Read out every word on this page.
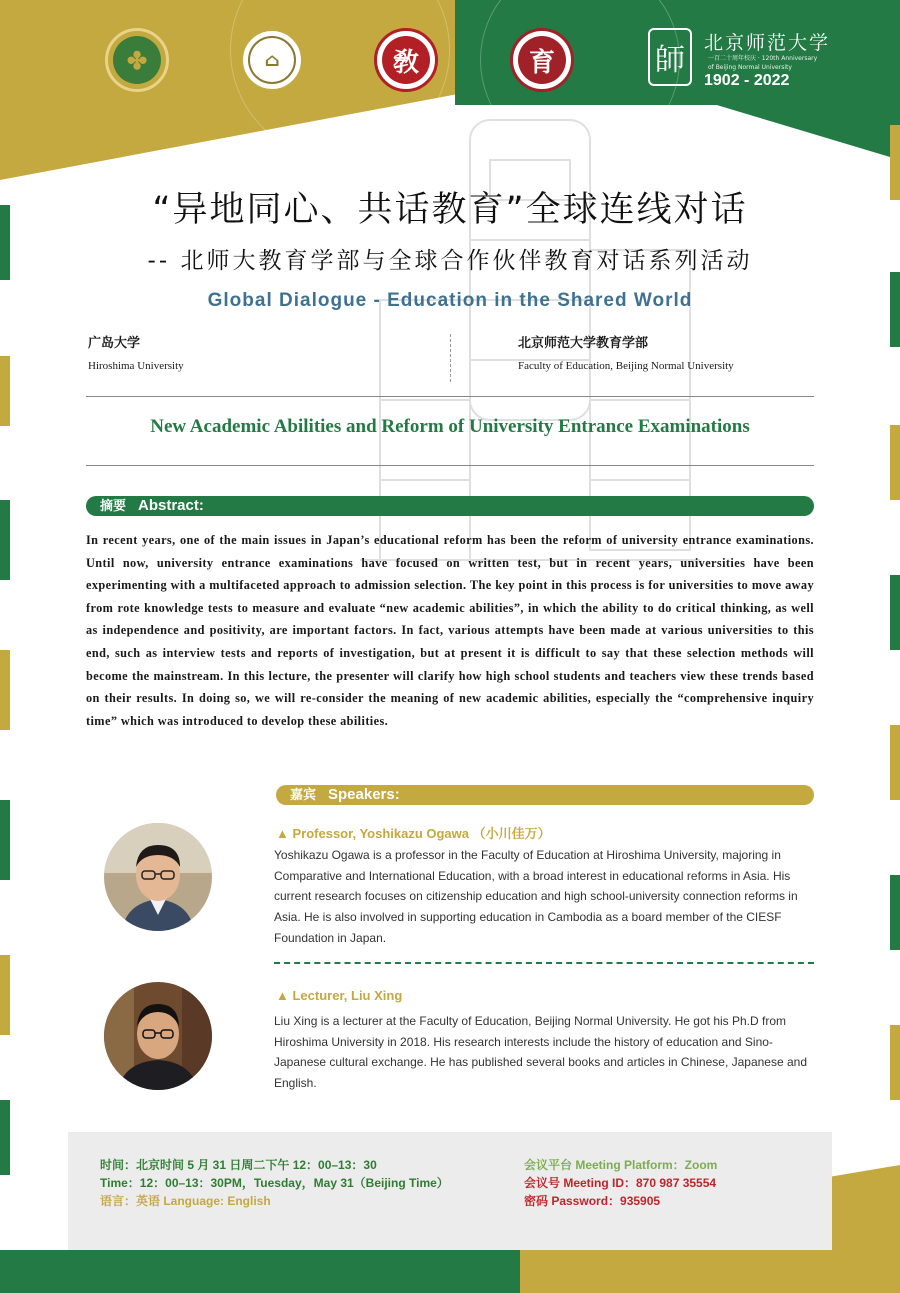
✤	⌂	敎	育	師	北京师范大学
一百二十周年校庆 · 120th Anniversary of Beijing Normal University
1902 - 2022
“异地同心、共话教育”全球连线对话
-- 北师大教育学部与全球合作伙伴教育对话系列活动
Global Dialogue - Education in the Shared World
广岛大学
Hiroshima University
北京师范大学教育学部
Faculty of Education, Beijing Normal University
New Academic Abilities and Reform of University Entrance Examinations
摘要 Abstract:
In recent years, one of the main issues in Japan’s educational reform has been the reform of university entrance examinations. Until now, university entrance examinations have focused on written test, but in recent years, universities have been experimenting with a multifaceted approach to admission selection. The key point in this process is for universities to move away from rote knowledge tests to measure and evaluate “new academic abilities”, in which the ability to do critical thinking, as well as independence and positivity, are important factors. In fact, various attempts have been made at various universities to this end, such as interview tests and reports of investigation, but at present it is difficult to say that these selection methods will become the mainstream. In this lecture, the presenter will clarify how high school students and teachers view these trends based on their results. In doing so, we will re-consider the meaning of new academic abilities, especially the “comprehensive inquiry time” which was introduced to develop these abilities.
嘉宾 Speakers:
▲ Professor, Yoshikazu Ogawa （小川佳万）
Yoshikazu Ogawa is a professor in the Faculty of Education at Hiroshima University, majoring in Comparative and International Education, with a broad interest in educational reforms in Asia. His current research focuses on citizenship education and high school-university connection reforms in Asia. He is also involved in supporting education in Cambodia as a board member of the CIESF Foundation in Japan.
▲ Lecturer, Liu Xing
Liu Xing is a lecturer at the Faculty of Education, Beijing Normal University. He got his Ph.D from Hiroshima University in 2018. His research interests include the history of education and Sino-Japanese cultural exchange. He has published several books and articles in Chinese, Japanese and English.
时间：北京时间 5 月 31 日周二下午 12：00–13：30
Time：12：00–13：30PM，Tuesday，May 31（Beijing Time）
语言：英语 Language: English
会议平台 Meeting Platform：Zoom
会议号 Meeting ID：870 987 35554
密码 Password：935905
